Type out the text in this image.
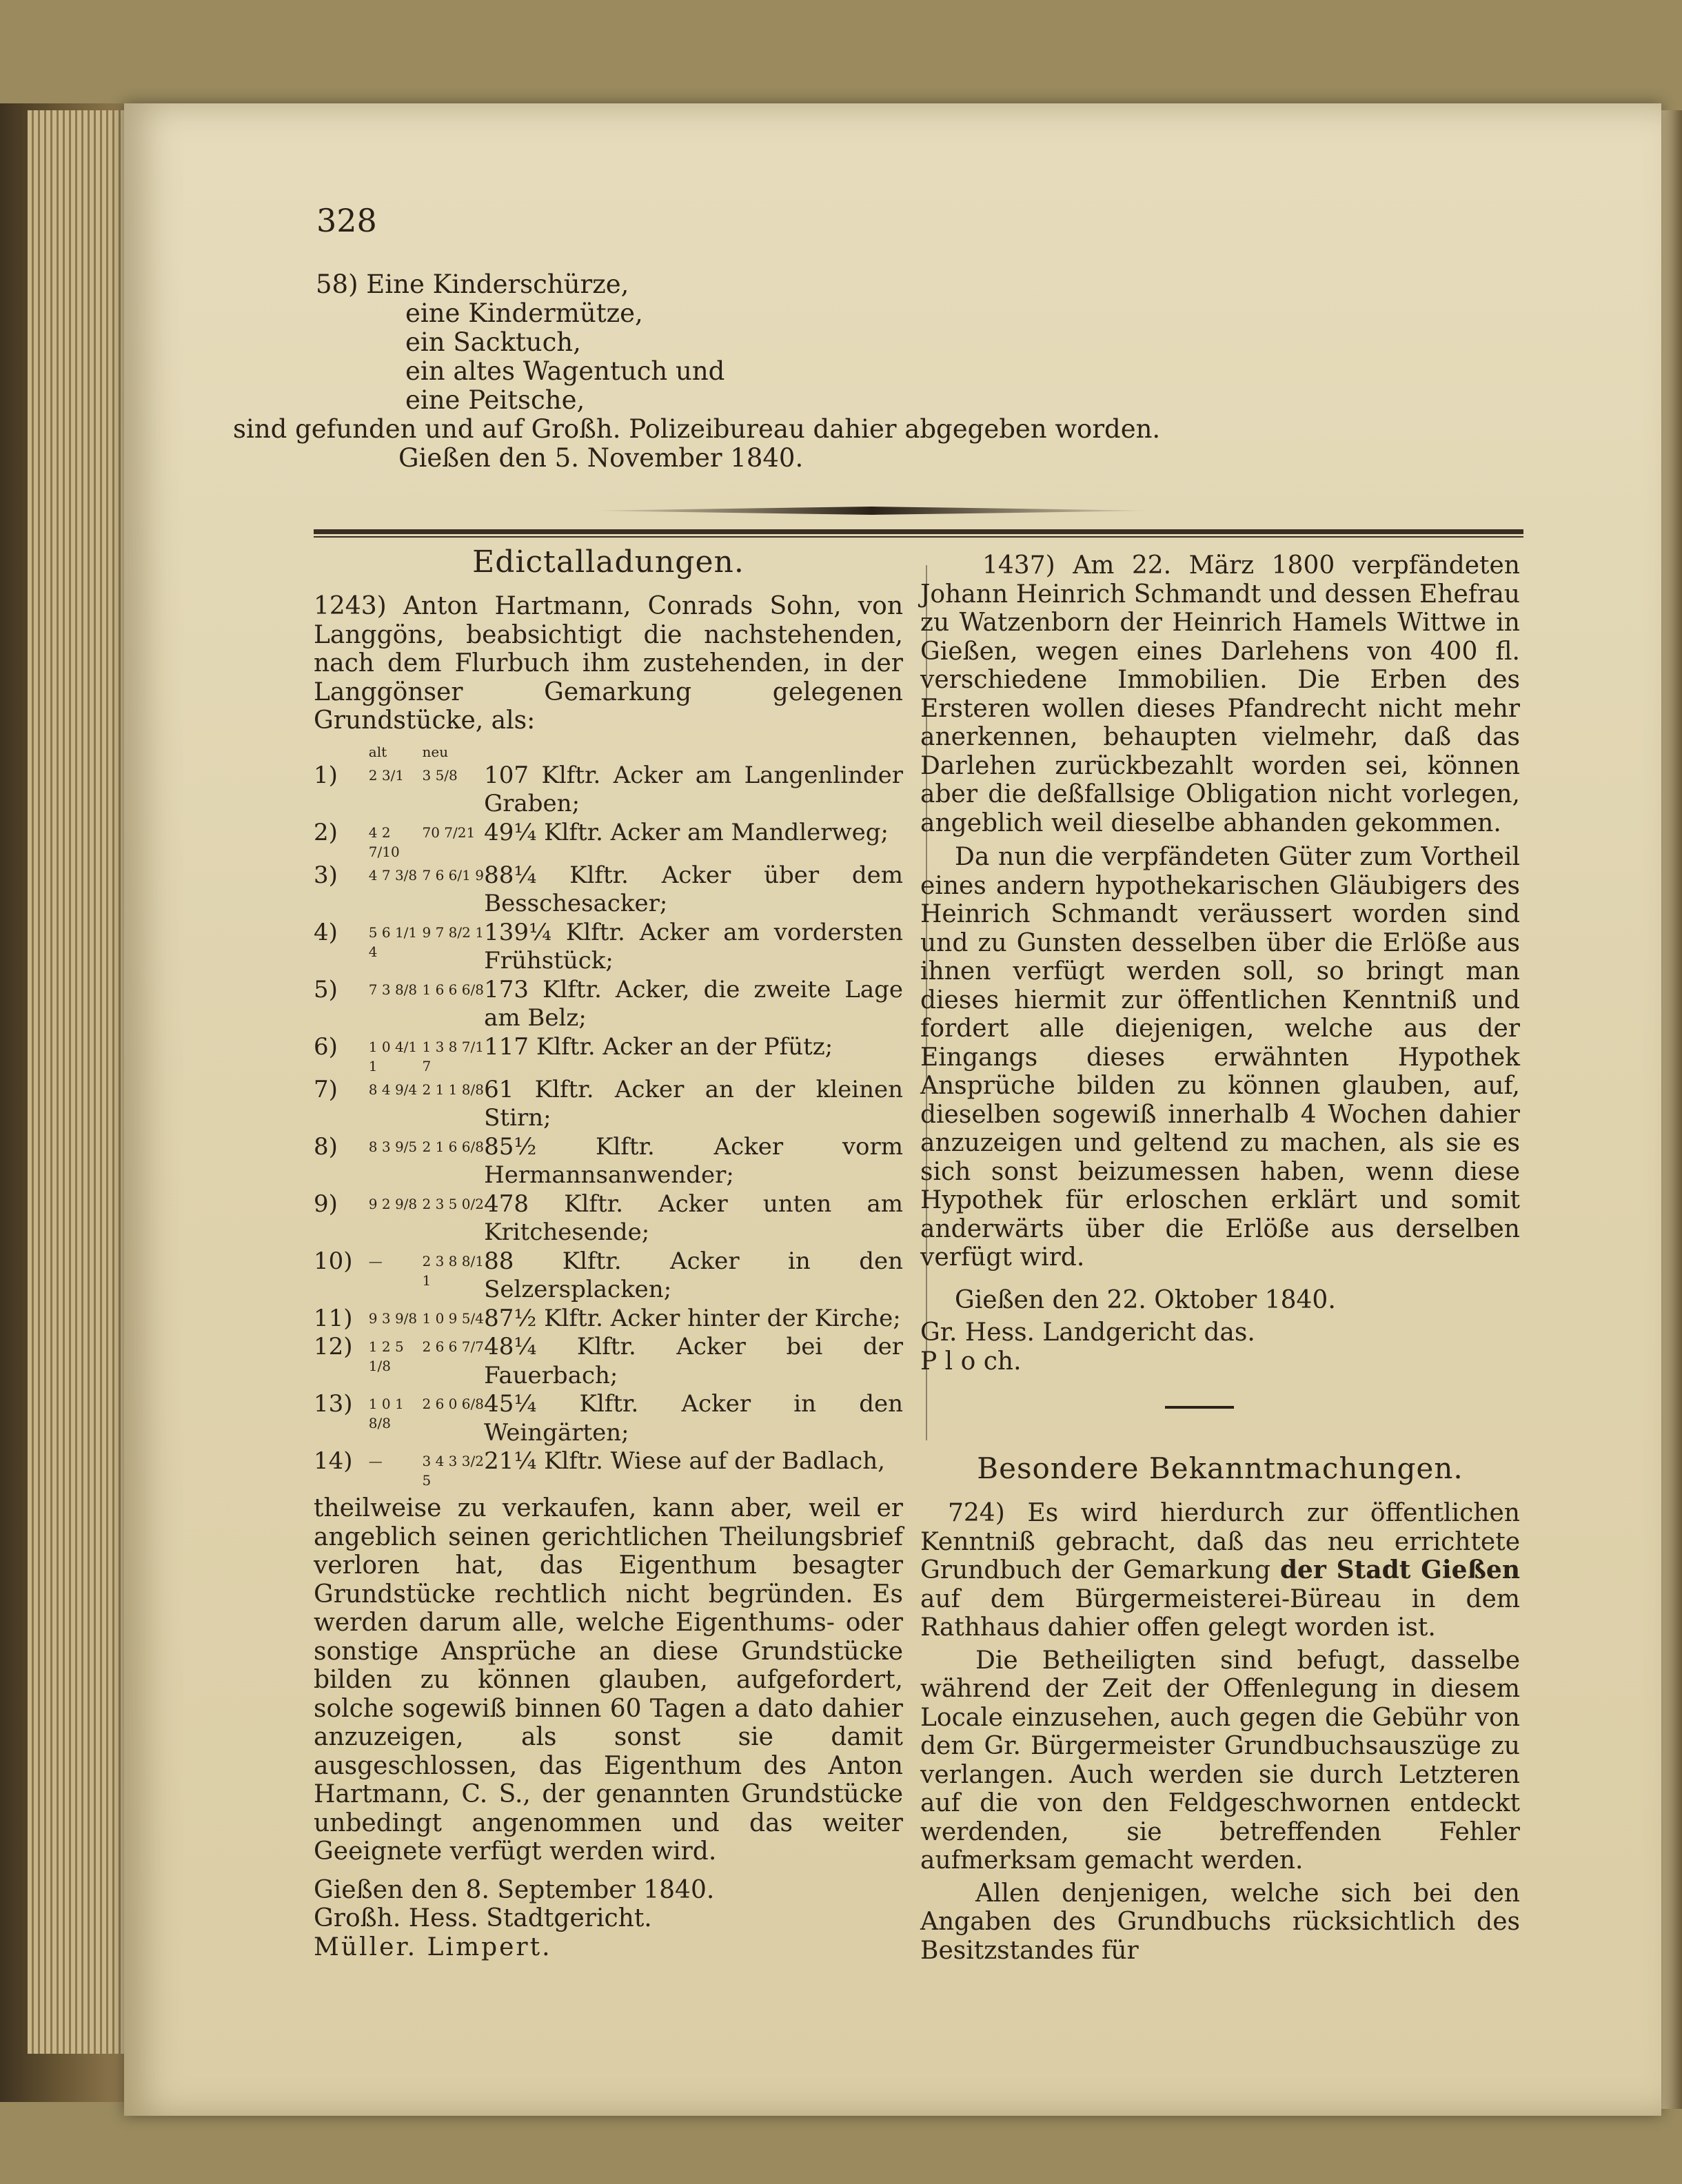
328
58) Eine Kinderschürze,
eine Kindermütze,
ein Sacktuch,
ein altes Wagentuch und
eine Peitsche,
sind gefunden und auf Großh. Polizeibureau dahier abgegeben worden.
Gießen den 5. November 1840.
Edictalladungen.

1243) Anton Hartmann, Conrads Sohn, von Langgöns, beabsichtigt die nachstehenden, nach dem Flurbuch ihm zustehenden, in der Langgönser Gemarkung gelegenen Grundstücke, als:

	alt	neu	
1)	2 3/1	3 5/8	107 Klftr. Acker am Langenlinder Graben;
2)	4 2 7/10	70 7/21	49¼ Klftr. Acker am Mandlerweg;
3)	4 7 3/8	7 6 6/1 9	88¼ Klftr. Acker über dem Besschesacker;
4)	5 6 1/1 4	9 7 8/2 1	139¼ Klftr. Acker am vordersten Frühstück;
5)	7 3 8/8	1 6 6 6/8	173 Klftr. Acker, die zweite Lage am Belz;
6)	1 0 4/1 1	1 3 8 7/1 7	117 Klftr. Acker an der Pfütz;
7)	8 4 9/4	2 1 1 8/8	61 Klftr. Acker an der kleinen Stirn;
8)	8 3 9/5	2 1 6 6/8	85½ Klftr. Acker vorm Hermannsanwender;
9)	9 2 9/8	2 3 5 0/2	478 Klftr. Acker unten am Kritchesende;
10)	—	2 3 8 8/1 1	88 Klftr. Acker in den Selzersplacken;
11)	9 3 9/8	1 0 9 5/4	87½ Klftr. Acker hinter der Kirche;
12)	1 2 5 1/8	2 6 6 7/7	48¼ Klftr. Acker bei der Fauerbach;
13)	1 0 1 8/8	2 6 0 6/8	45¼ Klftr. Acker in den Weingärten;
14)	—	3 4 3 3/2 5	21¼ Klftr. Wiese auf der Badlach,

theilweise zu verkaufen, kann aber, weil er angeblich seinen gerichtlichen Theilungsbrief verloren hat, das Eigenthum besagter Grundstücke rechtlich nicht begründen. Es werden darum alle, welche Eigenthums- oder sonstige Ansprüche an diese Grundstücke bilden zu können glauben, aufgefordert, solche sogewiß binnen 60 Tagen a dato dahier anzuzeigen, als sonst sie damit ausgeschlossen, das Eigenthum des Anton Hartmann, C. S., der genannten Grundstücke unbedingt angenommen und das weiter Geeignete verfügt werden wird.

Gießen den 8. September 1840.

Großh. Hess. Stadtgericht.

Müller. Limpert.

1437) Am 22. März 1800 verpfändeten Johann Heinrich Schmandt und dessen Ehefrau zu Watzenborn der Heinrich Hamels Wittwe in Gießen, wegen eines Darlehens von 400 fl. verschiedene Immobilien. Die Erben des Ersteren wollen dieses Pfandrecht nicht mehr anerkennen, behaupten vielmehr, daß das Darlehen zurückbezahlt worden sei, können aber die deßfallsige Obligation nicht vorlegen, angeblich weil dieselbe abhanden gekommen.

Da nun die verpfändeten Güter zum Vortheil eines andern hypothekarischen Gläubigers des Heinrich Schmandt veräussert worden sind und zu Gunsten desselben über die Erlöße aus ihnen verfügt werden soll, so bringt man dieses hiermit zur öffentlichen Kenntniß und fordert alle diejenigen, welche aus der Eingangs dieses erwähnten Hypothek Ansprüche bilden zu können glauben, auf, dieselben sogewiß innerhalb 4 Wochen dahier anzuzeigen und geltend zu machen, als sie es sich sonst beizumessen haben, wenn diese Hypothek für erloschen erklärt und somit anderwärts über die Erlöße aus derselben verfügt wird.

Gießen den 22. Oktober 1840.

Gr. Hess. Landgericht das.

P l o ch.

Besondere Bekanntmachungen.

724) Es wird hierdurch zur öffentlichen Kenntniß gebracht, daß das neu errichtete Grundbuch der Gemarkung der Stadt Gießen auf dem Bürgermeisterei-Büreau in dem Rathhaus dahier offen gelegt worden ist.

Die Betheiligten sind befugt, dasselbe während der Zeit der Offenlegung in diesem Locale einzusehen, auch gegen die Gebühr von dem Gr. Bürgermeister Grundbuchsauszüge zu verlangen. Auch werden sie durch Letzteren auf die von den Feldgeschwornen entdeckt werdenden, sie betreffenden Fehler aufmerksam gemacht werden.

Allen denjenigen, welche sich bei den Angaben des Grundbuchs rücksichtlich des Besitzstandes für
